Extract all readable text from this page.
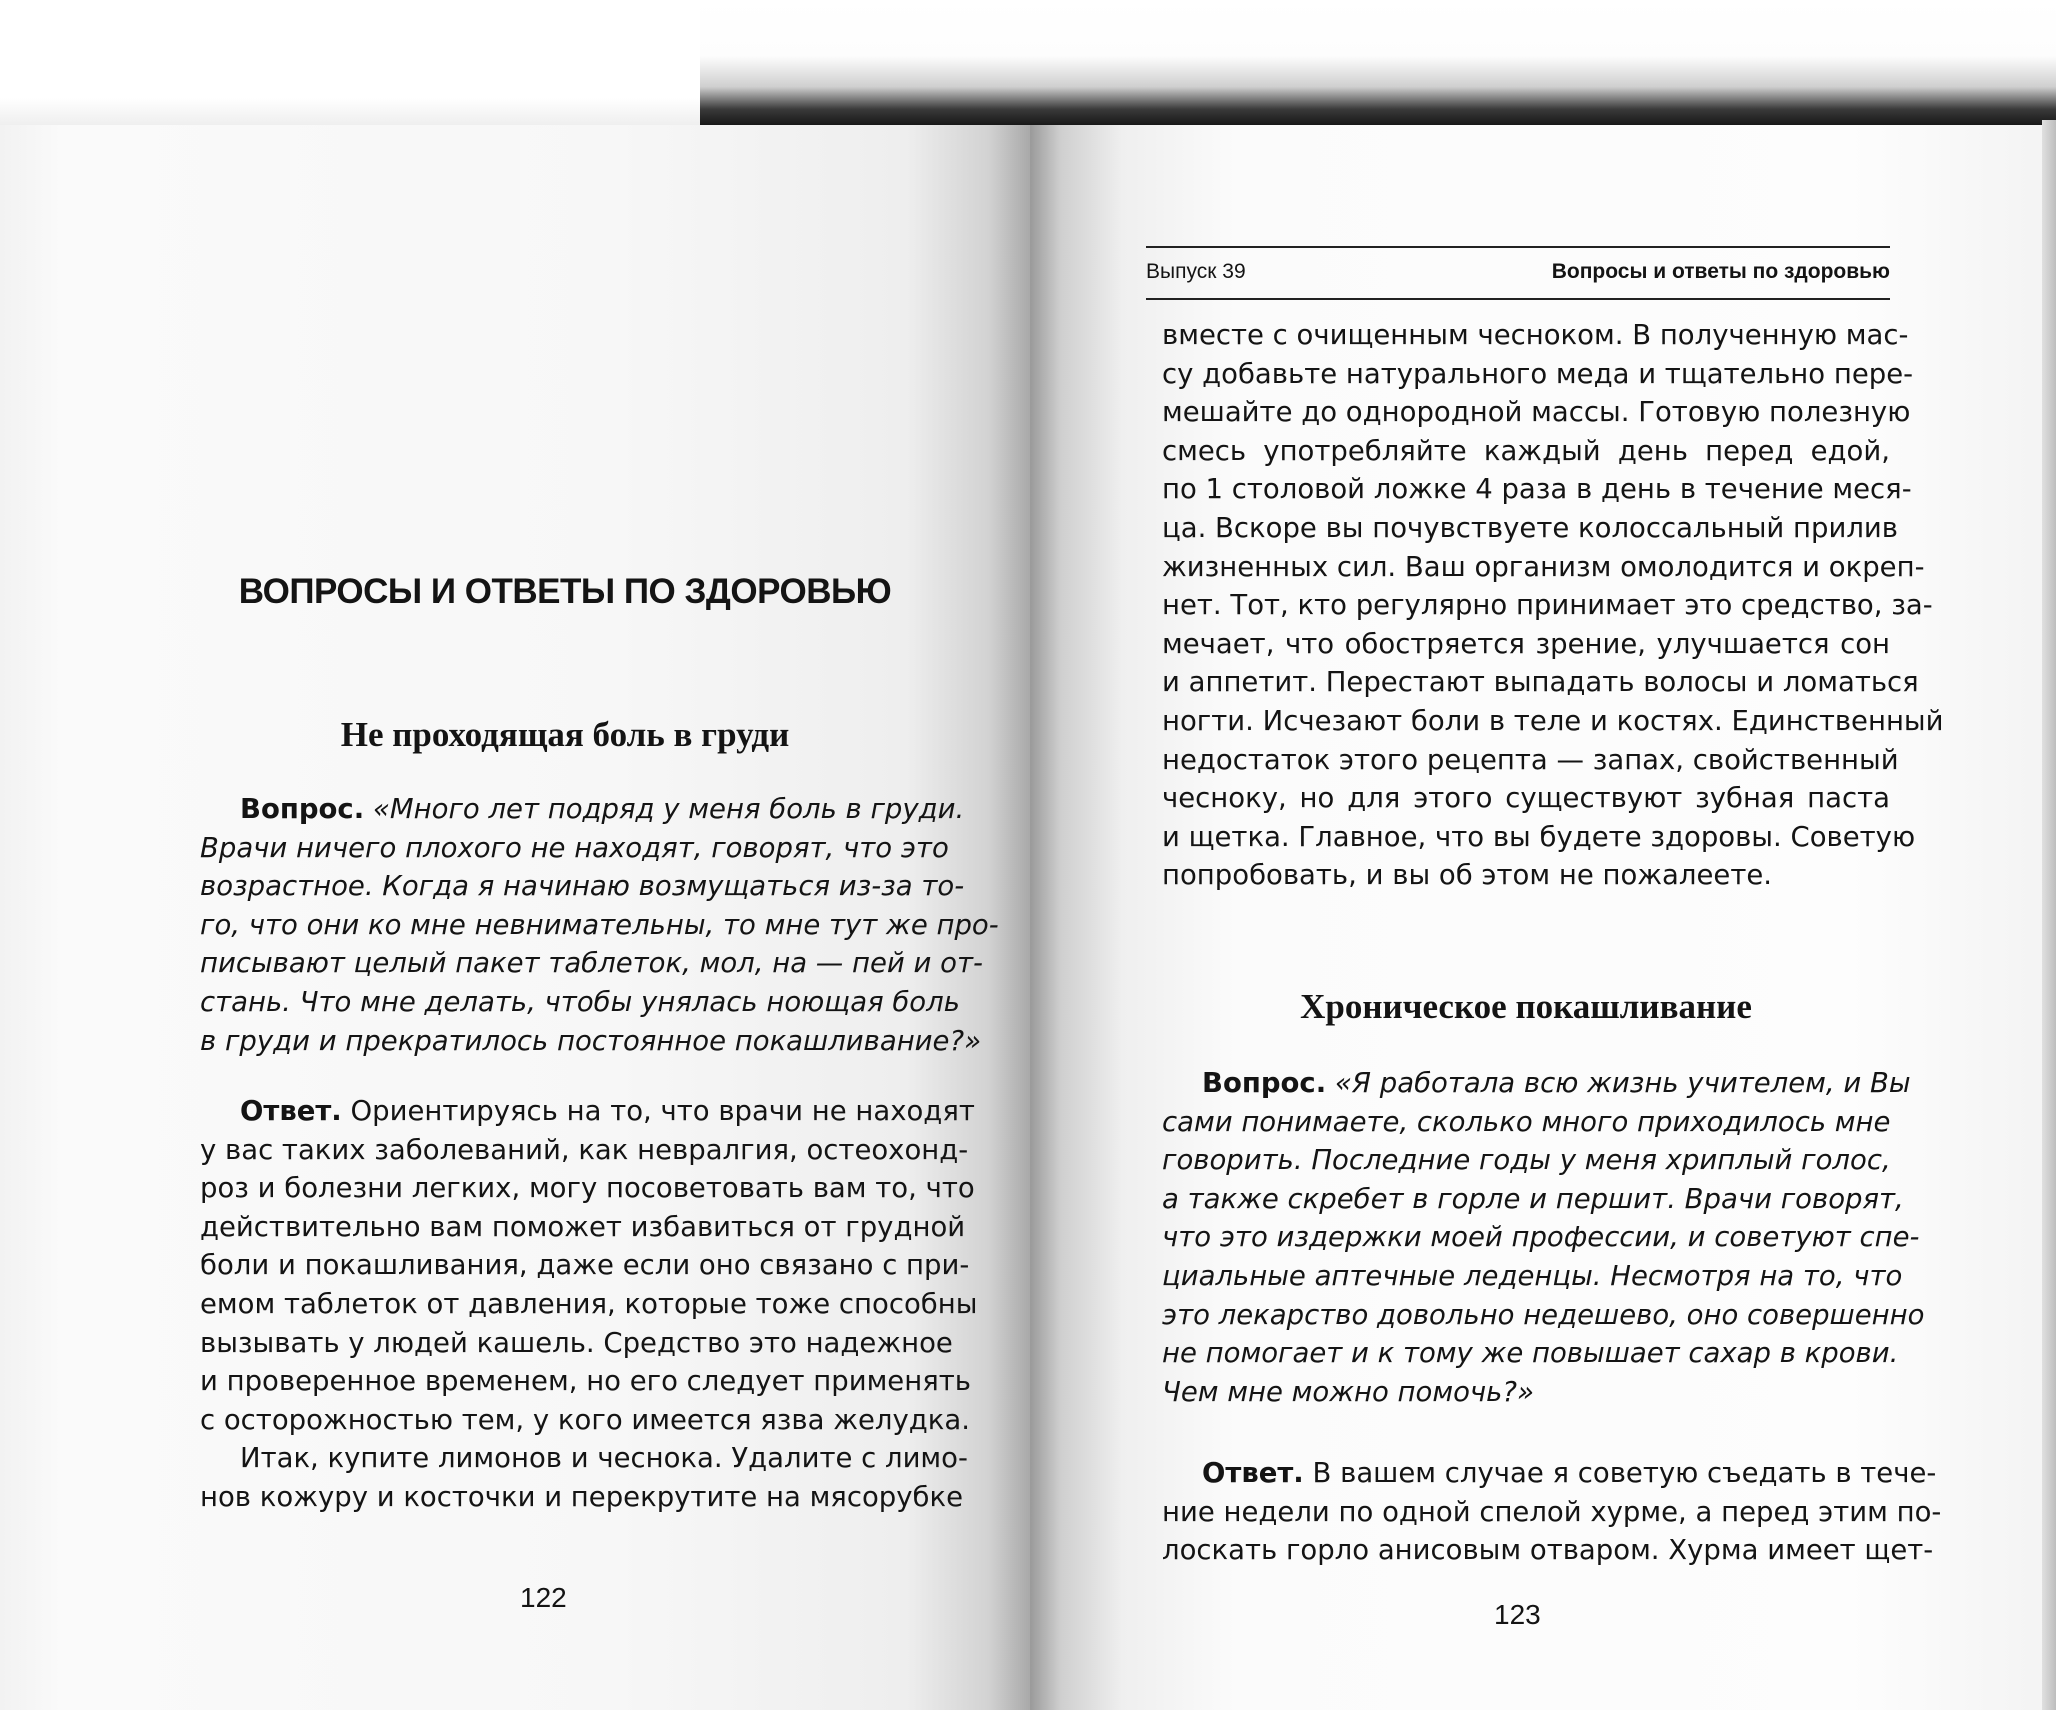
ВОПРОСЫ И ОТВЕТЫ ПО ЗДОРОВЬЮ
Не проходящая боль в груди
Вопрос. «Много лет подряд у меня боль в груди.
Врачи ничего плохого не находят, говорят, что это
возрастное. Когда я начинаю возмущаться из-за то-
го, что они ко мне невнимательны, то мне тут же про-
писывают целый пакет таблеток, мол, на — пей и от-
стань. Что мне делать, чтобы унялась ноющая боль
в груди и прекратилось постоянное покашливание?»
Ответ. Ориентируясь на то, что врачи не находят
у вас таких заболеваний, как невралгия, остеохонд-
роз и болезни легких, могу посоветовать вам то, что
действительно вам поможет избавиться от грудной
боли и покашливания, даже если оно связано с при-
емом таблеток от давления, которые тоже способны
вызывать у людей кашель. Средство это надежное
и проверенное временем, но его следует применять
с осторожностью тем, у кого имеется язва желудка.
Итак, купите лимонов и чеснока. Удалите с лимо-
нов кожуру и косточки и перекрутите на мясорубке
122
Выпуск 39	Вопросы и ответы по здоровью
вместе с очищенным чесноком. В полученную мас-
су добавьте натурального меда и тщательно пере-
мешайте до однородной массы. Готовую полезную
смесь употребляйте каждый день перед едой,
по 1 столовой ложке 4 раза в день в течение меся-
ца. Вскоре вы почувствуете колоссальный прилив
жизненных сил. Ваш организм омолодится и окреп-
нет. Тот, кто регулярно принимает это средство, за-
мечает, что обостряется зрение, улучшается сон
и аппетит. Перестают выпадать волосы и ломаться
ногти. Исчезают боли в теле и костях. Единственный
недостаток этого рецепта — запах, свойственный
чесноку, но для этого существуют зубная паста
и щетка. Главное, что вы будете здоровы. Советую
попробовать, и вы об этом не пожалеете.
Хроническое покашливание
Вопрос. «Я работала всю жизнь учителем, и Вы
сами понимаете, сколько много приходилось мне
говорить. Последние годы у меня хриплый голос,
а также скребет в горле и першит. Врачи говорят,
что это издержки моей профессии, и советуют спе-
циальные аптечные леденцы. Несмотря на то, что
это лекарство довольно недешево, оно совершенно
не помогает и к тому же повышает сахар в крови.
Чем мне можно помочь?»
Ответ. В вашем случае я советую съедать в тече-
ние недели по одной спелой хурме, а перед этим по-
лоскать горло анисовым отваром. Хурма имеет щет-
123
